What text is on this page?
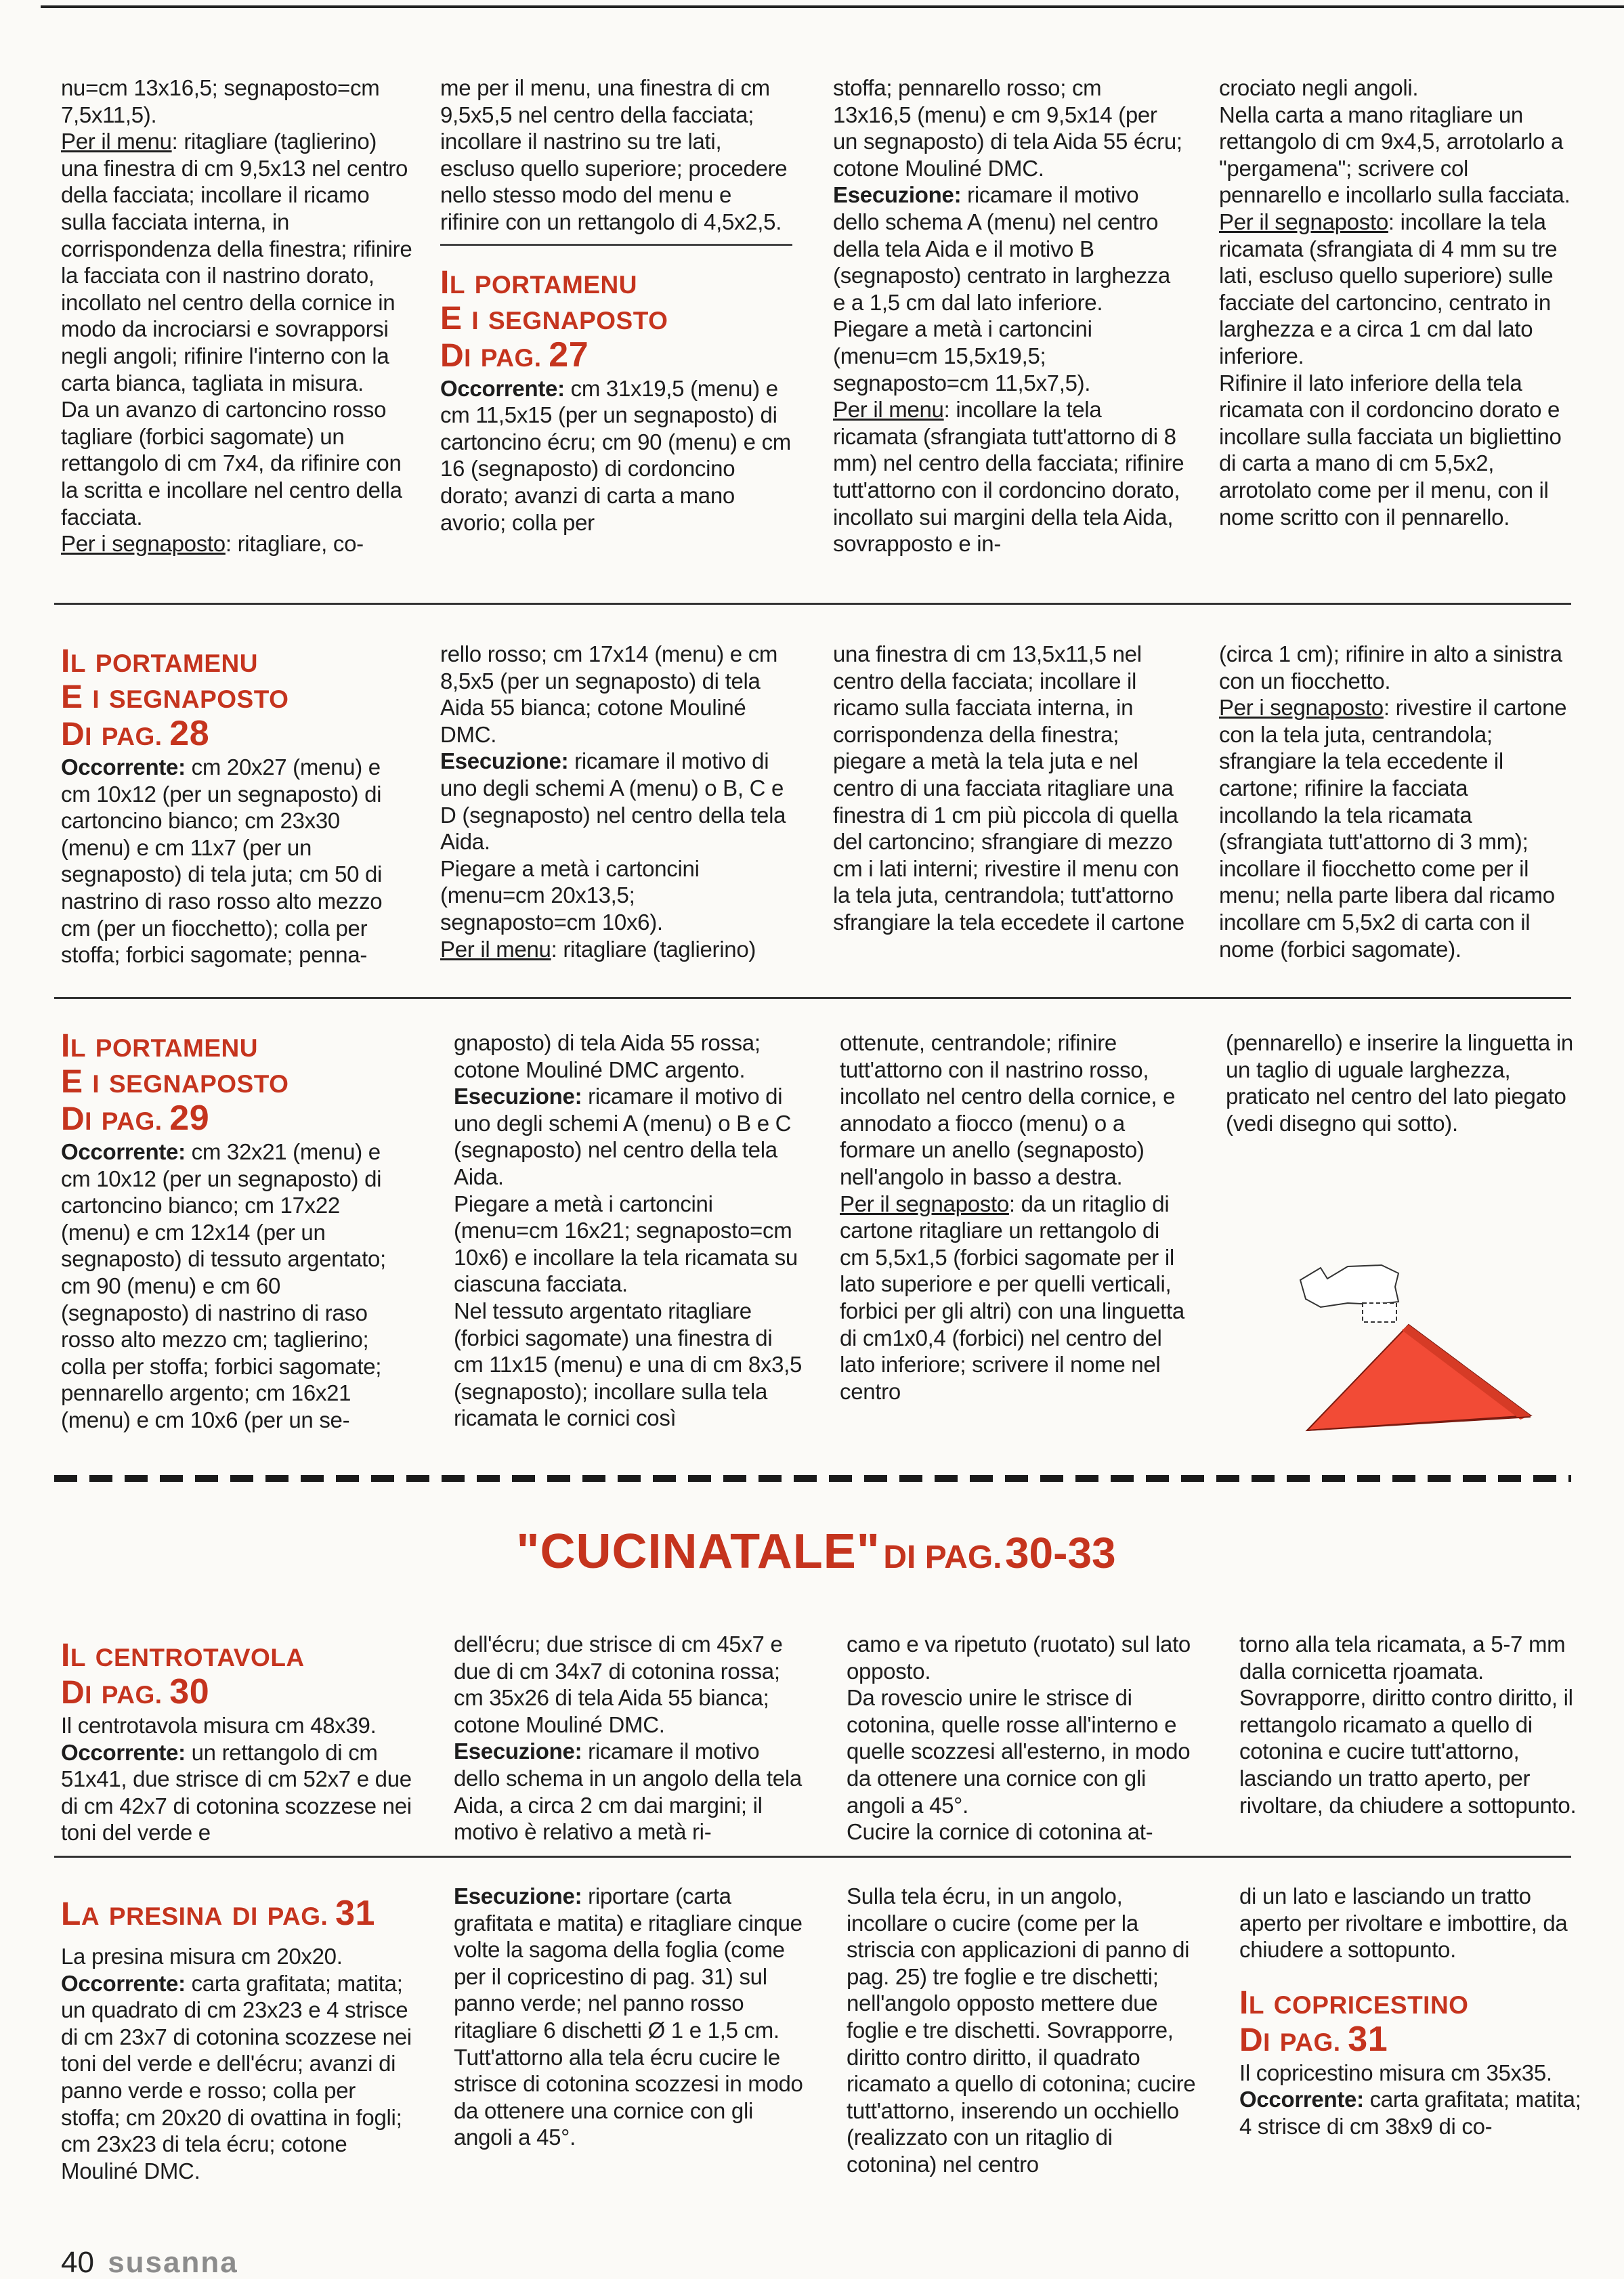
nu=cm 13x16,5; segnaposto=cm 7,5x11,5).

Per il menu: ritagliare (taglierino) una finestra di cm 9,5x13 nel centro della facciata; incollare il ricamo sulla facciata interna, in corrispondenza della finestra; rifinire la facciata con il nastrino dorato, incollato nel centro della cornice in modo da incrociarsi e sovrapporsi negli angoli; rifinire l'interno con la carta bianca, tagliata in misura.

Da un avanzo di cartoncino rosso tagliare (forbici sagomate) un rettangolo di cm 7x4, da rifinire con la scritta e incollare nel centro della facciata.

Per i segnaposto: ritagliare, co-

me per il menu, una finestra di cm 9,5x5,5 nel centro della facciata; incollare il nastrino su tre lati, escluso quello superiore; procedere nello stesso modo del menu e rifinire con un rettangolo di 4,5x2,5.

IL PORTAMENU
E I SEGNAPOSTO
DI PAG. 27

Occorrente: cm 31x19,5 (menu) e cm 11,5x15 (per un segnaposto) di cartoncino écru; cm 90 (menu) e cm 16 (segnaposto) di cordoncino dorato; avanzi di carta a mano avorio; colla per

stoffa; pennarello rosso; cm 13x16,5 (menu) e cm 9,5x14 (per un segnaposto) di tela Aida 55 écru; cotone Mouliné DMC.

Esecuzione: ricamare il motivo dello schema A (menu) nel centro della tela Aida e il motivo B (segnaposto) centrato in larghezza e a 1,5 cm dal lato inferiore.

Piegare a metà i cartoncini (menu=cm 15,5x19,5; segnaposto=cm 11,5x7,5).

Per il menu: incollare la tela ricamata (sfrangiata tutt'attorno di 8 mm) nel centro della facciata; rifinire tutt'attorno con il cordoncino dorato, incollato sui margini della tela Aida, sovrapposto e in-

crociato negli angoli.

Nella carta a mano ritagliare un rettangolo di cm 9x4,5, arrotolarlo a "pergamena"; scrivere col pennarello e incollarlo sulla facciata.

Per il segnaposto: incollare la tela ricamata (sfrangiata di 4 mm su tre lati, escluso quello superiore) sulle facciate del cartoncino, centrato in larghezza e a circa 1 cm dal lato inferiore.

Rifinire il lato inferiore della tela ricamata con il cordoncino dorato e incollare sulla facciata un bigliettino di carta a mano di cm 5,5x2, arrotolato come per il menu, con il nome scritto con il pennarello.

IL PORTAMENU
E I SEGNAPOSTO
DI PAG. 28

Occorrente: cm 20x27 (menu) e cm 10x12 (per un segnaposto) di cartoncino bianco; cm 23x30 (menu) e cm 11x7 (per un segnaposto) di tela juta; cm 50 di nastrino di raso rosso alto mezzo cm (per un fiocchetto); colla per stoffa; forbici sagomate; penna-

rello rosso; cm 17x14 (menu) e cm 8,5x5 (per un segnaposto) di tela Aida 55 bianca; cotone Mouliné DMC.

Esecuzione: ricamare il motivo di uno degli schemi A (menu) o B, C e D (segnaposto) nel centro della tela Aida.

Piegare a metà i cartoncini (menu=cm 20x13,5; segnaposto=cm 10x6).

Per il menu: ritagliare (taglierino)

una finestra di cm 13,5x11,5 nel centro della facciata; incollare il ricamo sulla facciata interna, in corrispondenza della finestra; piegare a metà la tela juta e nel centro di una facciata ritagliare una finestra di 1 cm più piccola di quella del cartoncino; sfrangiare di mezzo cm i lati interni; rivestire il menu con la tela juta, centrandola; tutt'attorno sfrangiare la tela eccedete il cartone

(circa 1 cm); rifinire in alto a sinistra con un fiocchetto.

Per i segnaposto: rivestire il cartone con la tela juta, centrandola; sfrangiare la tela eccedente il cartone; rifinire la facciata incollando la tela ricamata (sfrangiata tutt'attorno di 3 mm); incollare il fiocchetto come per il menu; nella parte libera dal ricamo incollare cm 5,5x2 di carta con il nome (forbici sagomate).

IL PORTAMENU
E I SEGNAPOSTO
DI PAG. 29

Occorrente: cm 32x21 (menu) e cm 10x12 (per un segnaposto) di cartoncino bianco; cm 17x22 (menu) e cm 12x14 (per un segnaposto) di tessuto argentato; cm 90 (menu) e cm 60 (segnaposto) di nastrino di raso rosso alto mezzo cm; taglierino; colla per stoffa; forbici sagomate; pennarello argento; cm 16x21 (menu) e cm 10x6 (per un se-

gnaposto) di tela Aida 55 rossa; cotone Mouliné DMC argento.

Esecuzione: ricamare il motivo di uno degli schemi A (menu) o B e C (segnaposto) nel centro della tela Aida.

Piegare a metà i cartoncini (menu=cm 16x21; segnaposto=cm 10x6) e incollare la tela ricamata su ciascuna facciata.

Nel tessuto argentato ritagliare (forbici sagomate) una finestra di cm 11x15 (menu) e una di cm 8x3,5 (segnaposto); incollare sulla tela ricamata le cornici così

ottenute, centrandole; rifinire tutt'attorno con il nastrino rosso, incollato nel centro della cornice, e annodato a fiocco (menu) o a formare un anello (segnaposto) nell'angolo in basso a destra.

Per il segnaposto: da un ritaglio di cartone ritagliare un rettangolo di cm 5,5x1,5 (forbici sagomate per il lato superiore e per quelli verticali, forbici per gli altri) con una linguetta di cm1x0,4 (forbici) nel centro del lato inferiore; scrivere il nome nel centro

(pennarello) e inserire la linguetta in un taglio di uguale larghezza, praticato nel centro del lato piegato (vedi disegno qui sotto).

"CUCINATALE" DI PAG. 30-33
IL CENTROTAVOLA
DI PAG. 30

Il centrotavola misura cm 48x39.

Occorrente: un rettangolo di cm 51x41, due strisce di cm 52x7 e due di cm 42x7 di cotonina scozzese nei toni del verde e

dell'écru; due strisce di cm 45x7 e due di cm 34x7 di cotonina rossa; cm 35x26 di tela Aida 55 bianca; cotone Mouliné DMC.

Esecuzione: ricamare il motivo dello schema in un angolo della tela Aida, a circa 2 cm dai margini; il motivo è relativo a metà ri-

camo e va ripetuto (ruotato) sul lato opposto.

Da rovescio unire le strisce di cotonina, quelle rosse all'interno e quelle scozzesi all'esterno, in modo da ottenere una cornice con gli angoli a 45°.

Cucire la cornice di cotonina at-

torno alla tela ricamata, a 5-7 mm dalla cornicetta rjoamata.

Sovrapporre, diritto contro diritto, il rettangolo ricamato a quello di cotonina e cucire tutt'attorno, lasciando un tratto aperto, per rivoltare, da chiudere a sottopunto.

LA PRESINA DI PAG. 31

La presina misura cm 20x20.

Occorrente: carta grafitata; matita; un quadrato di cm 23x23 e 4 strisce di cm 23x7 di cotonina scozzese nei toni del verde e dell'écru; avanzi di panno verde e rosso; colla per stoffa; cm 20x20 di ovattina in fogli; cm 23x23 di tela écru; cotone Mouliné DMC.

Esecuzione: riportare (carta grafitata e matita) e ritagliare cinque volte la sagoma della foglia (come per il copricestino di pag. 31) sul panno verde; nel panno rosso ritagliare 6 dischetti Ø 1 e 1,5 cm.

Tutt'attorno alla tela écru cucire le strisce di cotonina scozzesi in modo da ottenere una cornice con gli angoli a 45°.

Sulla tela écru, in un angolo, incollare o cucire (come per la striscia con applicazioni di panno di pag. 25) tre foglie e tre dischetti; nell'angolo opposto mettere due foglie e tre dischetti. Sovrapporre, diritto contro diritto, il quadrato ricamato a quello di cotonina; cucire tutt'attorno, inserendo un occhiello (realizzato con un ritaglio di cotonina) nel centro

di un lato e lasciando un tratto aperto per rivoltare e imbottire, da chiudere a sottopunto.

IL COPRICESTINO
DI PAG. 31

Il copricestino misura cm 35x35.

Occorrente: carta grafitata; matita; 4 strisce di cm 38x9 di co-

40 susanna
